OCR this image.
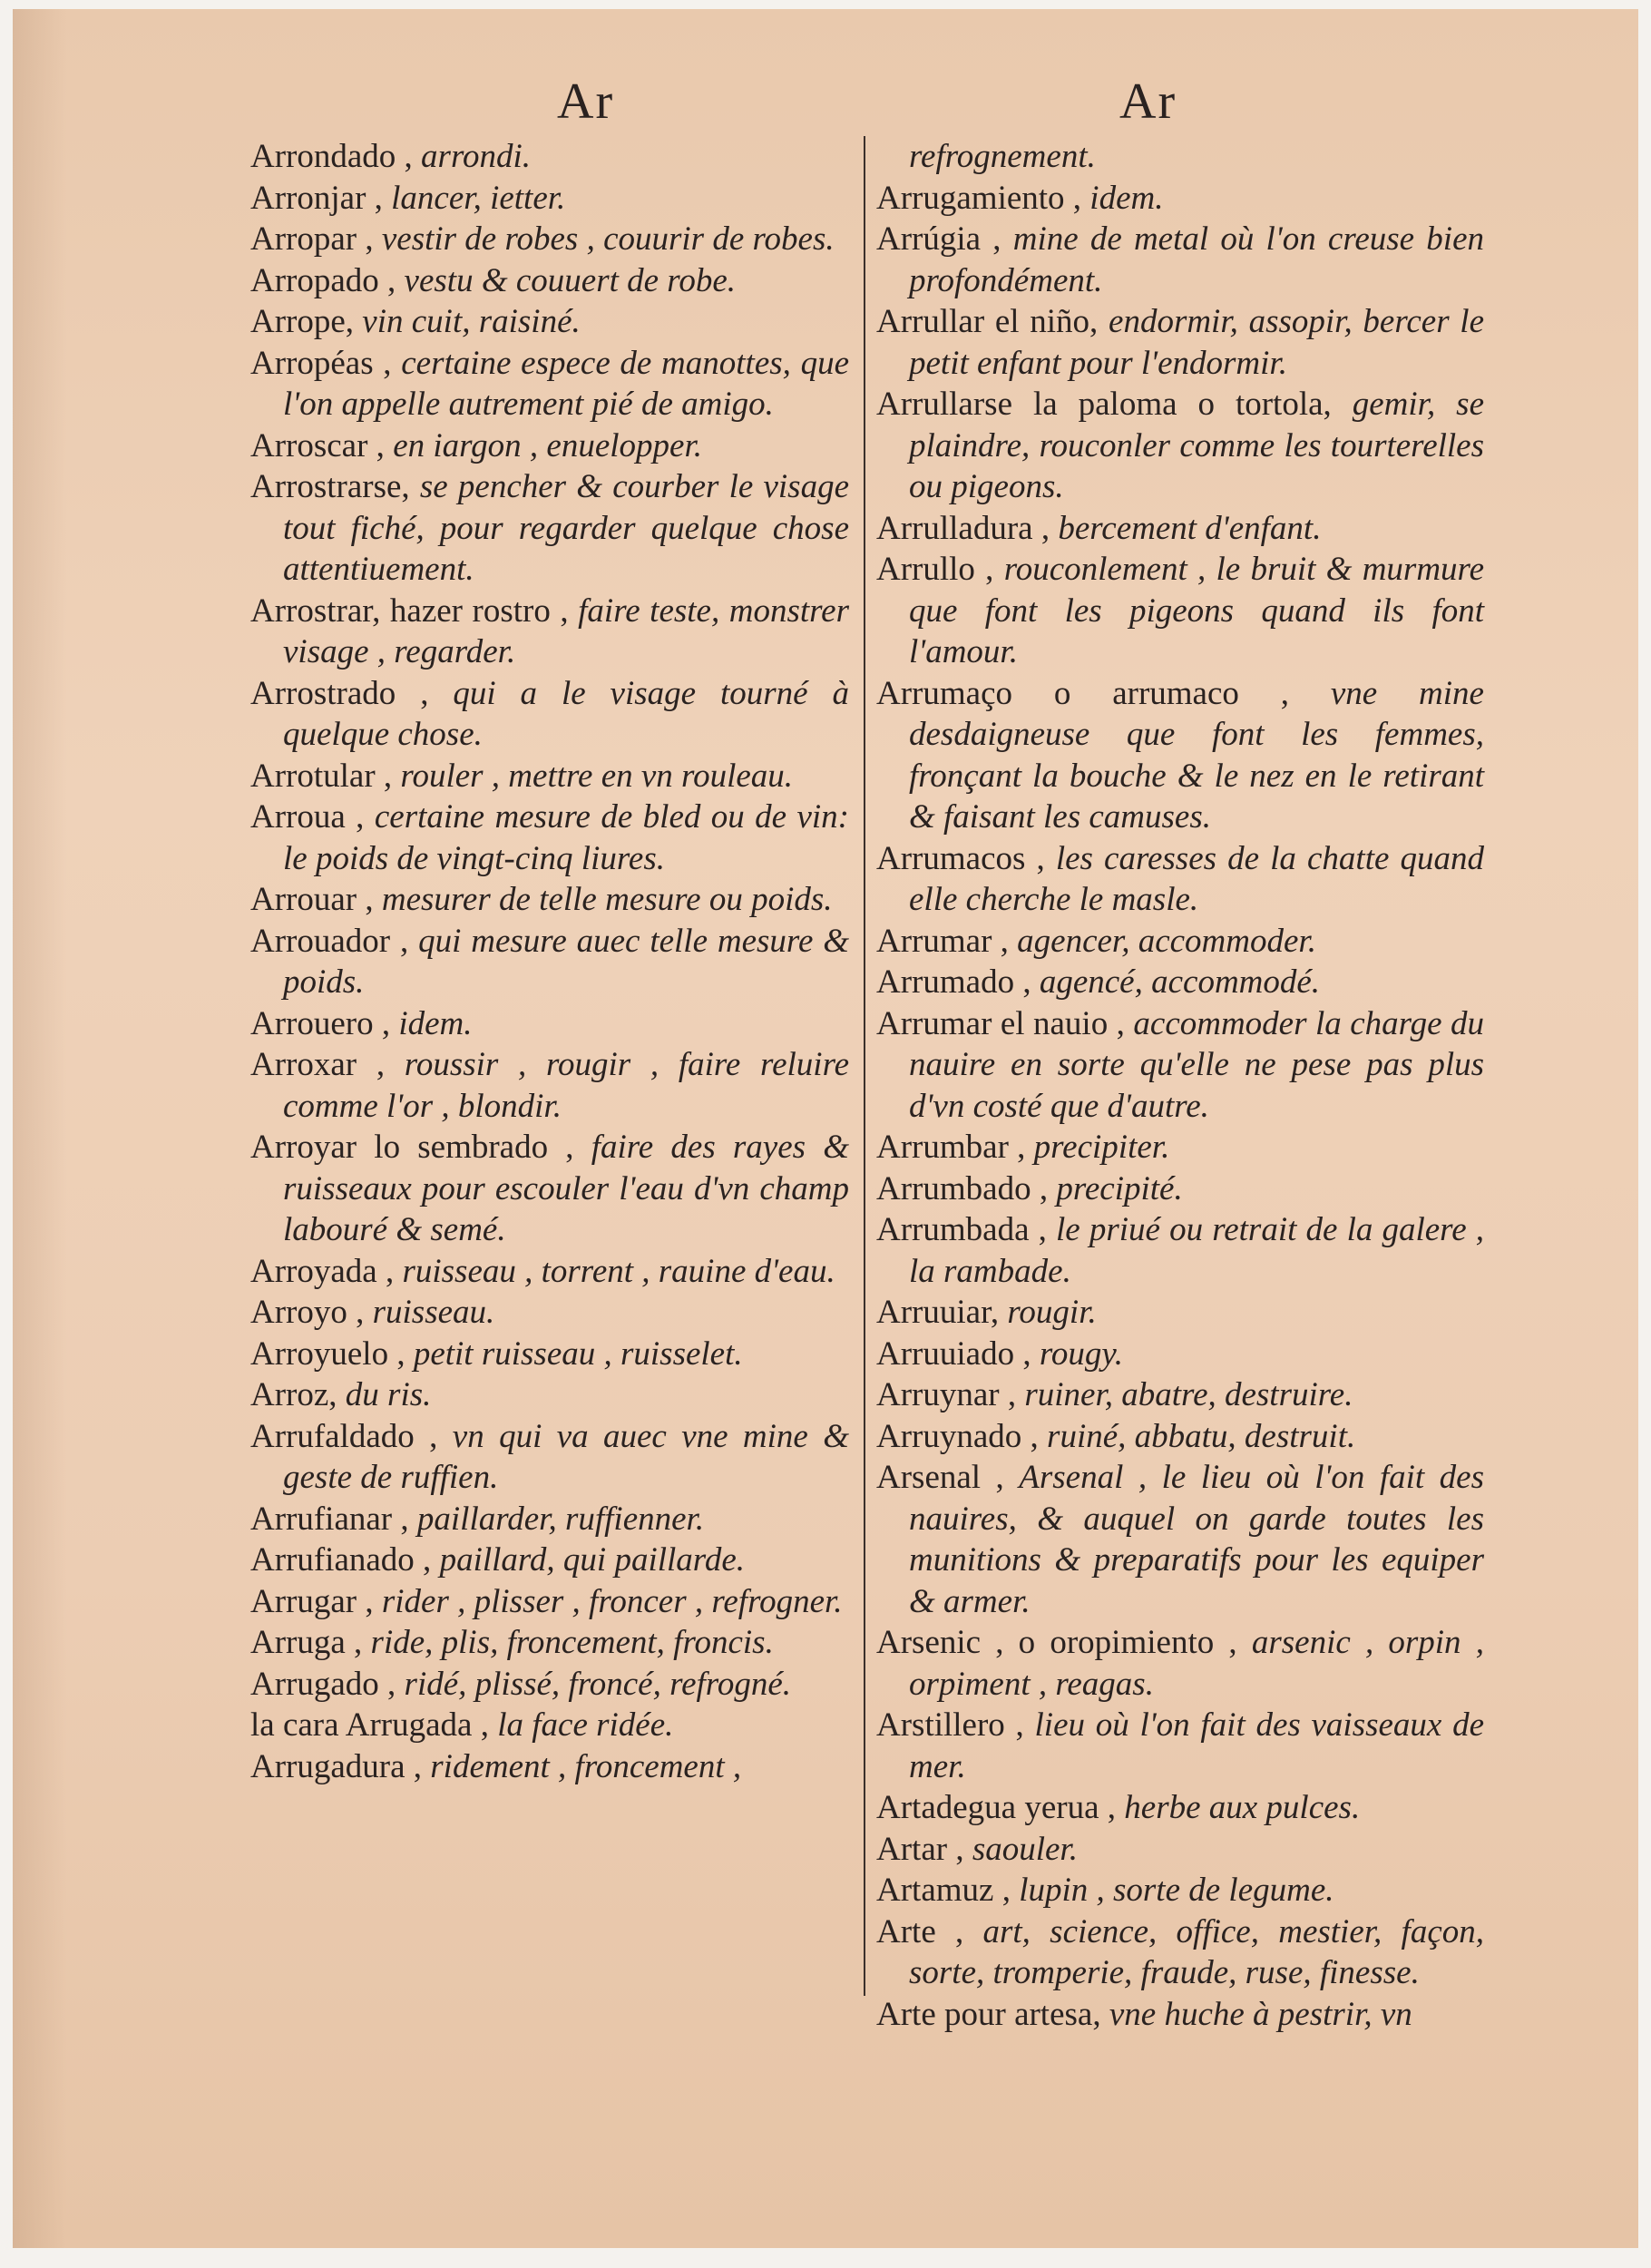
Ar	Ar
Arrondado , arrondi.
Arronjar , lancer, ietter.
Arropar , vestir de robes , couurir de robes.
Arropado , vestu & couuert de robe.
Arrope, vin cuit, raisiné.
Arropéas , certaine espece de manottes, que l'on appelle autrement pié de amigo.
Arroscar , en iargon , enuelopper.
Arrostrarse, se pencher & courber le visage tout fiché, pour regarder quelque chose attentiuement.
Arrostrar, hazer rostro , faire teste, monstrer visage , regarder.
Arrostrado , qui a le visage tourné à quelque chose.
Arrotular , rouler , mettre en vn rouleau.
Arroua , certaine mesure de bled ou de vin: le poids de vingt-cinq liures.
Arrouar , mesurer de telle mesure ou poids.
Arrouador , qui mesure auec telle mesure & poids.
Arrouero , idem.
Arroxar , roussir , rougir , faire reluire comme l'or , blondir.
Arroyar lo sembrado , faire des rayes & ruisseaux pour escouler l'eau d'vn champ labouré & semé.
Arroyada , ruisseau , torrent , rauine d'eau.
Arroyo , ruisseau.
Arroyuelo , petit ruisseau , ruisselet.
Arroz, du ris.
Arrufaldado , vn qui va auec vne mine & geste de ruffien.
Arrufianar , paillarder, ruffienner.
Arrufianado , paillard, qui paillarde.
Arrugar , rider , plisser , froncer , refrogner.
Arruga , ride, plis, froncement, froncis.
Arrugado , ridé, plissé, froncé, refrogné.
la cara Arrugada , la face ridée.
Arrugadura , ridement , froncement ,
refrognement.
Arrugamiento , idem.
Arrúgia , mine de metal où l'on creuse bien profondément.
Arrullar el niño, endormir, assopir, bercer le petit enfant pour l'endormir.
Arrullarse la paloma o tortola, gemir, se plaindre, rouconler comme les tourterelles ou pigeons.
Arrulladura , bercement d'enfant.
Arrullo , rouconlement , le bruit & murmure que font les pigeons quand ils font l'amour.
Arrumaço o arrumaco , vne mine desdaigneuse que font les femmes, fronçant la bouche & le nez en le retirant & faisant les camuses.
Arrumacos , les caresses de la chatte quand elle cherche le masle.
Arrumar , agencer, accommoder.
Arrumado , agencé, accommodé.
Arrumar el nauio , accommoder la charge du nauire en sorte qu'elle ne pese pas plus d'vn costé que d'autre.
Arrumbar , precipiter.
Arrumbado , precipité.
Arrumbada , le priué ou retrait de la galere , la rambade.
Arruuiar, rougir.
Arruuiado , rougy.
Arruynar , ruiner, abatre, destruire.
Arruynado , ruiné, abbatu, destruit.
Arsenal , Arsenal , le lieu où l'on fait des nauires, & auquel on garde toutes les munitions & preparatifs pour les equiper & armer.
Arsenic , o oropimiento , arsenic , orpin , orpiment , reagas.
Arstillero , lieu où l'on fait des vaisseaux de mer.
Artadegua yerua , herbe aux pulces.
Artar , saouler.
Artamuz , lupin , sorte de legume.
Arte , art, science, office, mestier, façon, sorte, tromperie, fraude, ruse, finesse.
Arte pour artesa, vne huche à pestrir, vn
